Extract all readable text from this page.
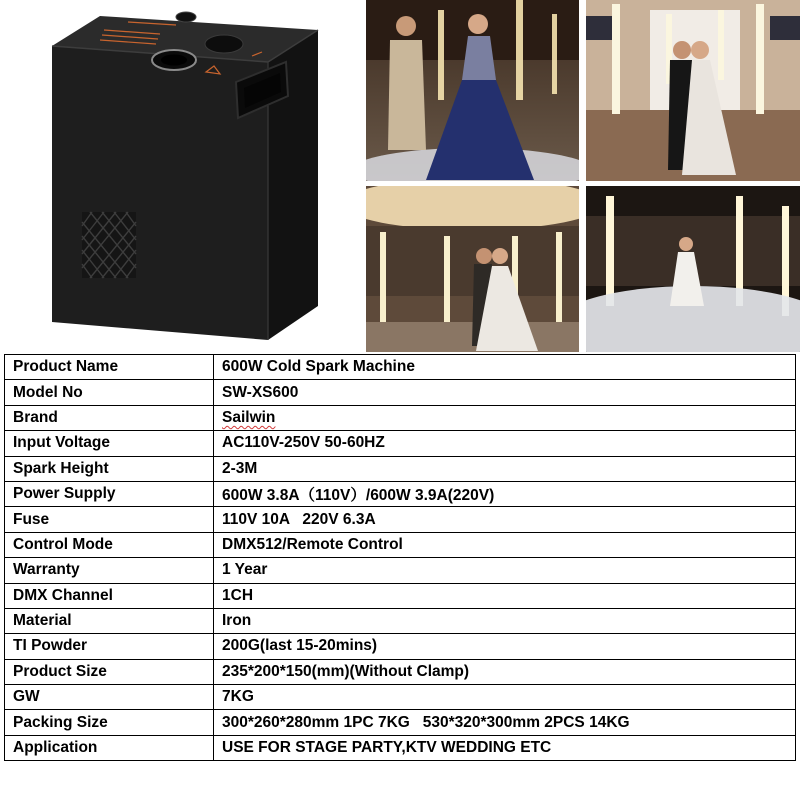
Product Name	600W Cold Spark Machine
Model No	SW-XS600
Brand	Sailwin
Input Voltage	AC110V-250V 50-60HZ
Spark Height	2-3M
Power Supply	600W 3.8A（110V）/600W 3.9A(220V)
Fuse	110V 10A   220V 6.3A
Control Mode	DMX512/Remote Control
Warranty	1 Year
DMX Channel	1CH
Material	Iron
TI Powder	200G(last 15-20mins)
Product Size	235*200*150(mm)(Without Clamp)
GW	7KG
Packing Size	300*260*280mm 1PC 7KG   530*320*300mm 2PCS 14KG
Application	USE FOR STAGE PARTY,KTV WEDDING ETC
